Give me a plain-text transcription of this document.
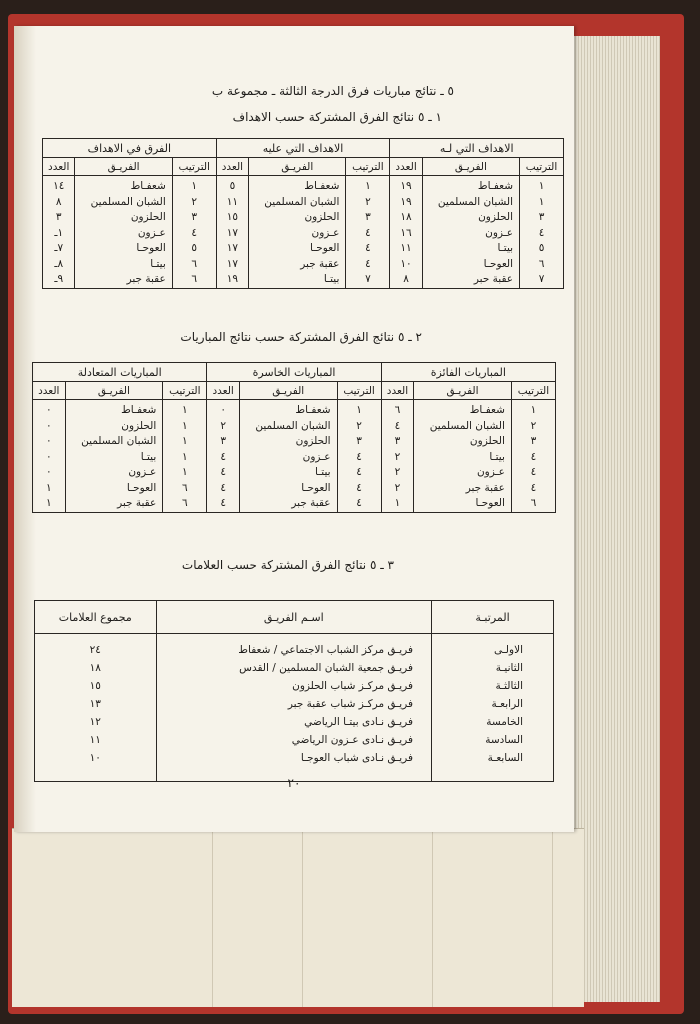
٥ ـ نتائج مباريات فرق الدرجة الثالثة ـ مجموعة ب
١ ـ ٥ نتائج الفرق المشتركة حسب الاهداف
الاهداف التي لـه			الاهداف التي عليه			الفرق في الاهداف		
الترتيب	الفريـق	العدد	الترتيب	الفريـق	العدد	الترتيب	الفريـق	العدد
١	شعفـاط	١٩	١	شعفـاط	٥	١	شعفـاط	١٤
١	الشبان المسلمين	١٩	٢	الشبان المسلمين	١١	٢	الشبان المسلمين	٨
٣	الحلزون	١٨	٣	الحلزون	١٥	٣	الحلزون	٣
٤	عـزون	١٦	٤	عـزون	١٧	٤	عـزون	١ـ
٥	بيتـا	١١	٤	العوحـا	١٧	٥	العوحـا	٧ـ
٦	العوحـا	١٠	٤	عقبة جبر	١٧	٦	بيتـا	٨ـ
٧	عقبة حبر	٨	٧	بيتـا	١٩	٦	عقبة جبر	٩ـ
٢ ـ ٥ نتائج الفرق المشتركة حسب نتائج المباريات
المباريات الفائزة			المباريات الخاسرة			المباريات المتعادلة		
الترتيب	الفريـق	العدد	الترتيب	الفريـق	العدد	الترتيب	الفريـق	العدد
١	شعفـاط	٦	١	شعفـاط	٠	١	شعفـاط	٠
٢	الشبان المسلمين	٤	٢	الشبان المسلمين	٢	١	الحلزون	٠
٣	الحلزون	٣	٣	الحلزون	٣	١	الشبان المسلمين	٠
٤	بيتـا	٢	٤	عـزون	٤	١	بيتـا	٠
٤	عـزون	٢	٤	بيتـا	٤	١	عـزون	٠
٤	عقبة جبر	٢	٤	العوحـا	٤	٦	العوحـا	١
٦	العوحـا	١	٤	عقبة جبر	٤	٦	عقبة جبر	١
٣ ـ ٥ نتائج الفرق المشتركة حسب العلامات
المرتبـة	اسـم الفريـق	مجموع العلامات
الاولـى	فريـق مركز الشباب الاجتماعي / شعفاط	٢٤
الثانيـة	فريـق جمعية الشبان المسلمين / القدس	١٨
الثالثـة	فريـق مركـز شباب الحلزون	١٥
الرابعـة	فريـق مركـز شباب عقبة جبر	١٣
الخامسة	فريـق نـادى بيتـا الرياضي	١٢
السادسة	فريـق نـادى عـزون الرياضي	١١
السابعـة	فريـق نـادى شباب العوجـا	١٠

٢٠
